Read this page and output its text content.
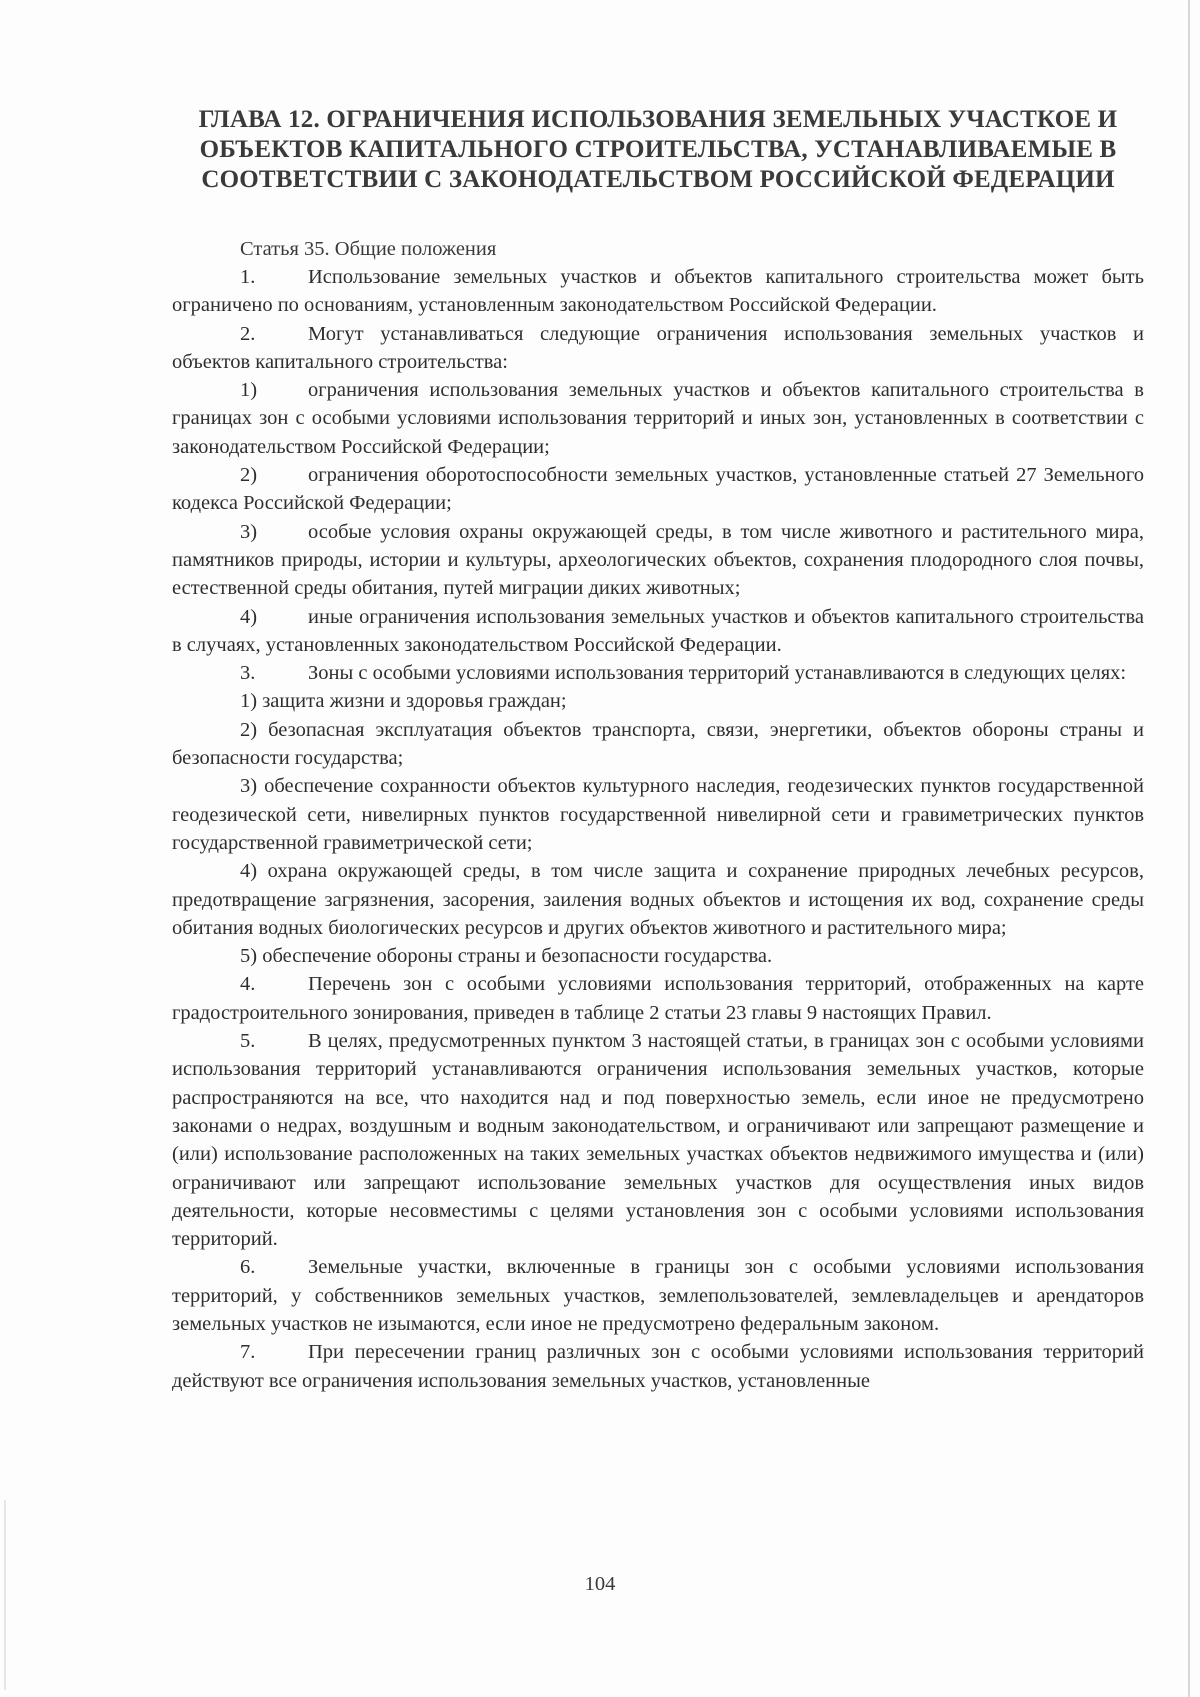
ГЛАВА 12. ОГРАНИЧЕНИЯ ИСПОЛЬЗОВАНИЯ ЗЕМЕЛЬНЫХ УЧАСТКОЕ И
ОБЪЕКТОВ КАПИТАЛЬНОГО СТРОИТЕЛЬСТВА, УСТАНАВЛИВАЕМЫЕ В
СООТВЕТСТВИИ С ЗАКОНОДАТЕЛЬСТВОМ РОССИЙСКОЙ ФЕДЕРАЦИИ

Статья 35. Общие положения

1.	Использование земельных участков и объектов капитального строительства может быть ограничено по основаниям, установленным законодательством Российской Федерации.

2.	Могут устанавливаться следующие ограничения использования земельных участков и объектов капитального строительства:

1) ограничения использования земельных участков и объектов капитального строительства в границах зон с особыми условиями использования территорий и иных зон, установленных в соответствии с законодательством Российской Федерации;

2) ограничения оборотоспособности земельных участков, установленные статьей 27 Земельного кодекса Российской Федерации;

3) особые условия охраны окружающей среды, в том числе животного и растительного мира, памятников природы, истории и культуры, археологических объектов, сохранения плодородного слоя почвы, естественной среды обитания, путей миграции диких животных;

4) иные ограничения использования земельных участков и объектов капитального строительства в случаях, установленных законодательством Российской Федерации.

3.	Зоны с особыми условиями использования территорий устанавливаются в следующих целях:

1) защита жизни и здоровья граждан;

2) безопасная эксплуатация объектов транспорта, связи, энергетики, объектов обороны страны и безопасности государства;

3) обеспечение сохранности объектов культурного наследия, геодезических пунктов государственной геодезической сети, нивелирных пунктов государственной нивелирной сети и гравиметрических пунктов государственной гравиметрической сети;

4) охрана окружающей среды, в том числе защита и сохранение природных лечебных ресурсов, предотвращение загрязнения, засорения, заиления водных объектов и истощения их вод, сохранение среды обитания водных биологических ресурсов и других объектов животного и растительного мира;

5) обеспечение обороны страны и безопасности государства.

4.	Перечень зон с особыми условиями использования территорий, отображенных на карте градостроительного зонирования, приведен в таблице 2 статьи 23 главы 9 настоящих Правил.

5.	В целях, предусмотренных пунктом 3 настоящей статьи, в границах зон с особыми условиями использования территорий устанавливаются ограничения использования земельных участков, которые распространяются на все, что находится над и под поверхностью земель, если иное не предусмотрено законами о недрах, воздушным и водным законодательством, и ограничивают или запрещают размещение и (или) использование расположенных на таких земельных участках объектов недвижимого имущества и (или) ограничивают или запрещают использование земельных участков для осуществления иных видов деятельности, которые несовместимы с целями установления зон с особыми условиями использования территорий.

6.	Земельные участки, включенные в границы зон с особыми условиями использования территорий, у собственников земельных участков, землепользователей, землевладельцев и арендаторов земельных участков не изымаются, если иное не предусмотрено федеральным законом.

7.	При пересечении границ различных зон с особыми условиями использования территорий действуют все ограничения использования земельных участков, установленные

104
